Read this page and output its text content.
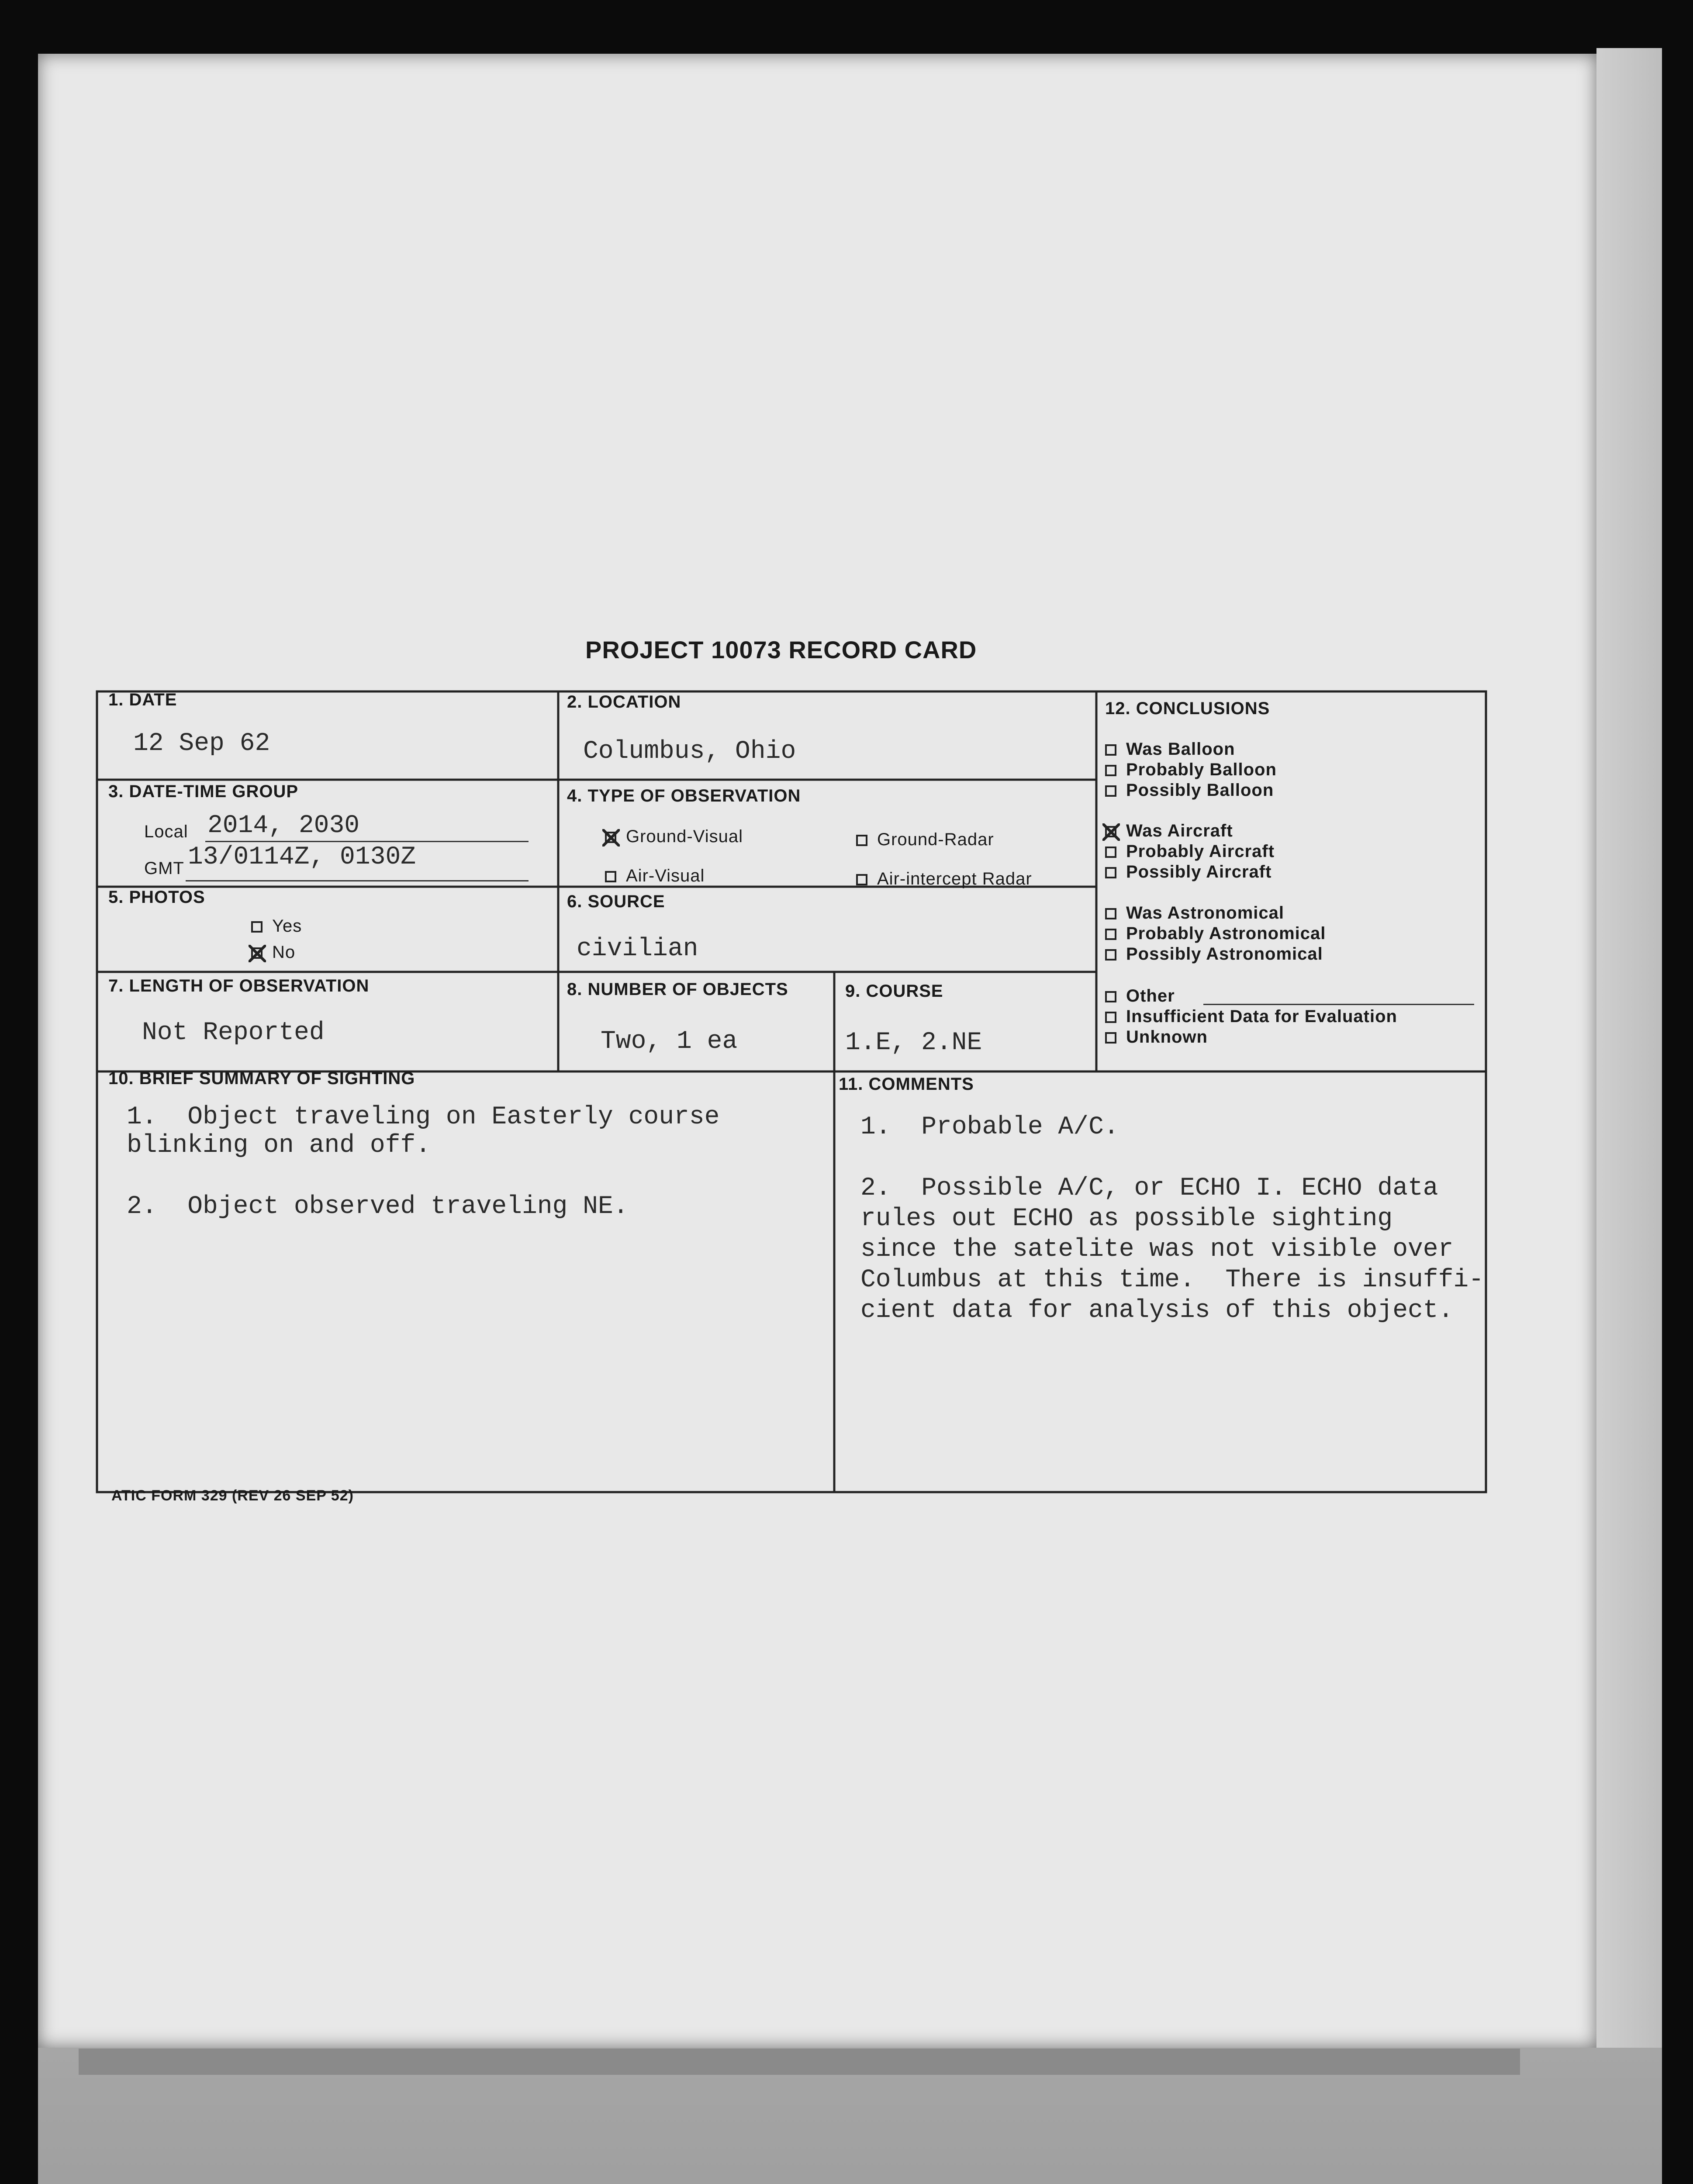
PROJECT 10073 RECORD CARD
1. DATE
12 Sep 62
2. LOCATION
Columbus, Ohio
3. DATE-TIME GROUP
Local 2014, 2030
GMT 13/0114Z, 0130Z
4. TYPE OF OBSERVATION
Ground-Visual	Ground-Radar
Air-Visual	Air-intercept Radar
5. PHOTOS
Yes
No
6. SOURCE
civilian
7. LENGTH OF OBSERVATION
Not Reported
8. NUMBER OF OBJECTS
Two, 1 ea
9. COURSE
1.E, 2.NE
10. BRIEF SUMMARY OF SIGHTING
1.  Object traveling on Easterly course
blinking on and off.
2.  Object observed traveling NE.
11. COMMENTS
1.  Probable A/C.
2.  Possible A/C, or ECHO I. ECHO data
rules out ECHO as possible sighting
since the satelite was not visible over
Columbus at this time.  There is insuffi-
cient data for analysis of this object.
12. CONCLUSIONS
Was Balloon
Probably Balloon
Possibly Balloon
Was Aircraft
Probably Aircraft
Possibly Aircraft
Was Astronomical
Probably Astronomical
Possibly Astronomical
Other
Insufficient Data for Evaluation
Unknown
ATIC FORM 329 (REV 26 SEP 52)
